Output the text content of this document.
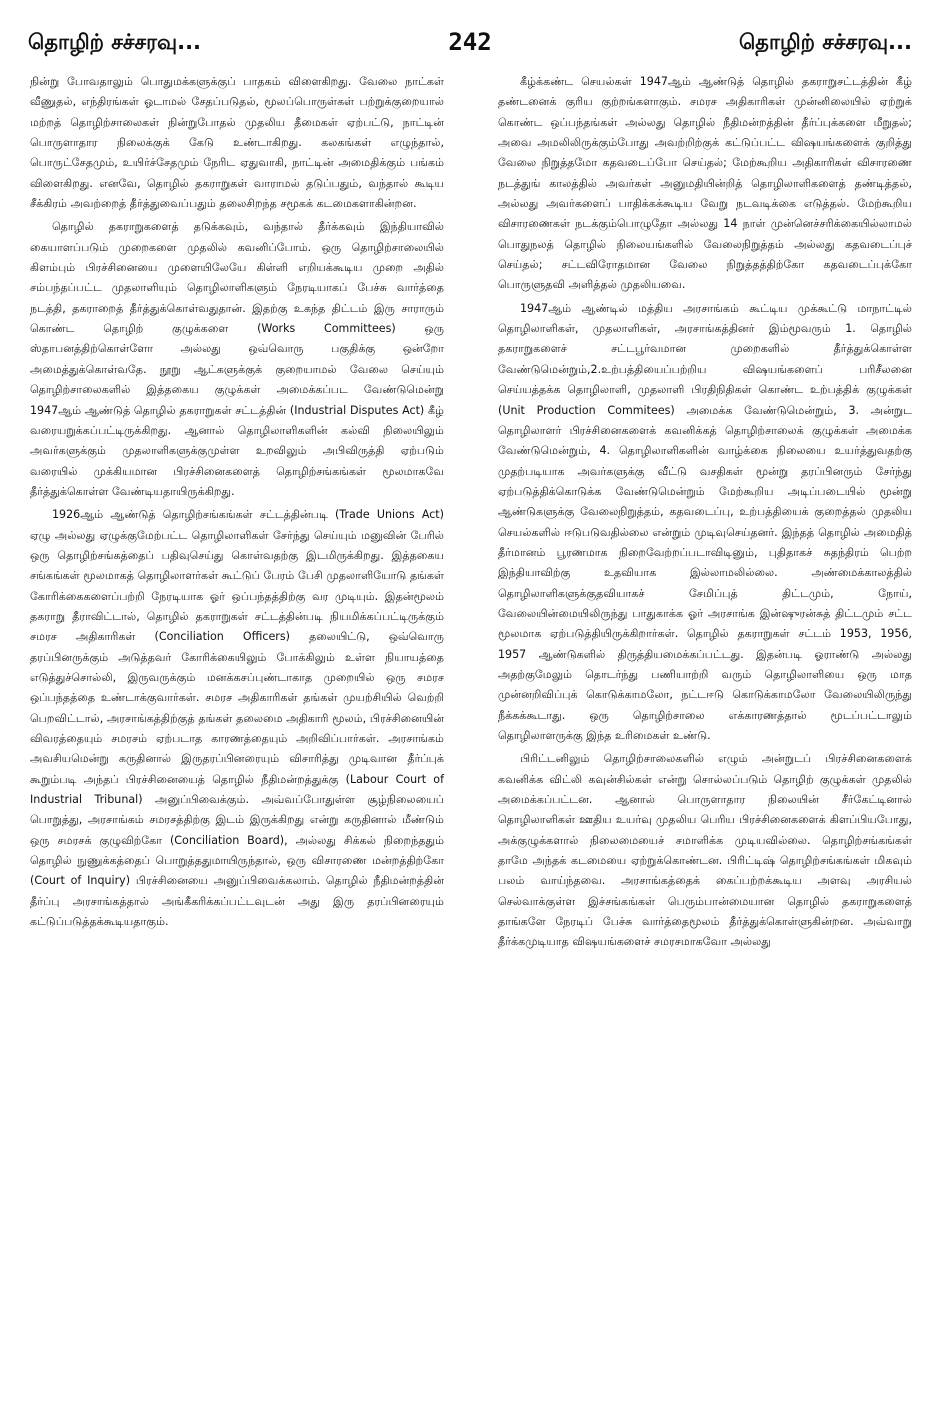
தொழிற் சச்சரவு...	242	தொழிற் சச்சரவு...

நின்று போவதாலும் பொதுமக்களுக்குப் பாதகம் விளைகிறது. வேலை நாட்கள் வீணுதல், எந்திரங்கள் ஓடாமல் சேதப்படுதல், மூலப்பொருள்கள் பற்றுக்குறையால் மற்றத் தொழிற்சாலைகள் நின்றுபோதல் முதலிய தீமைகள் ஏற்பட்டு, நாட்டின் பொருளாதார நிலைக்குக் கேடு உண்டாகிறது. கலகங்கள் எழுந்தால், பொருட்சேதமும், உயிர்ச்சேதமும் நேரிட ஏதுவாகி, நாட்டின் அமைதிக்கும் பங்கம் விளைகிறது. எனவே, தொழில் தகராறுகள் வாராமல் தடுப்பதும், வந்தால் கூடிய சீக்கிரம் அவற்றைத் தீர்த்துவைப்பதும் தலைசிறந்த சமூகக் கடமைகளாகின்றன.

தொழில் தகராறுகளைத் தடுக்கவும், வந்தால் தீர்க்கவும் இந்தியாவில் கையாளப்படும் முறைகளை முதலில் கவனிப்போம். ஒரு தொழிற்சாலையில் கிளம்பும் பிரச்சினையை முளையிலேயே கிள்ளி எறியக்கூடிய முறை அதில் சம்பந்தப்பட்ட முதலாளியும் தொழிலாளிகளும் நேரடியாகப் பேச்சு வார்த்தை நடத்தி, தகராறைத் தீர்த்துக்கொள்வதுதான். இதற்கு உகந்த திட்டம் இரு சாராரும் கொண்ட தொழிற் குழுக்களை (Works Committees) ஒரு ஸ்தாபனத்திற்கொள்ளோ அல்லது ஒவ்வொரு பகுதிக்கு ஒன்றோ அமைத்துக்கொள்வதே. நூறு ஆட்களுக்குக் குறையாமல் வேலை செய்யும் தொழிற்சாலைகளில் இத்தகைய குழுக்கள் அமைக்கப்பட வேண்டுமென்று 1947ஆம் ஆண்டுத் தொழில் தகராறுகள் சட்டத்தின் (Industrial Disputes Act) கீழ் வரையறுக்கப்பட்டிருக்கிறது. ஆனால் தொழிலாளிகளின் கல்வி நிலையிலும் அவர்களுக்கும் முதலாளிகளுக்குமுள்ள உறவிலும் அபிவிருத்தி ஏற்படும் வரையில் முக்கியமான பிரச்சினைகளைத் தொழிற்சங்கங்கள் மூலமாகவே தீர்த்துக்கொள்ள வேண்டியதாயிருக்கிறது.

1926ஆம் ஆண்டுத் தொழிற்சங்கங்கள் சட்டத்தின்படி (Trade Unions Act) ஏழு அல்லது ஏழுக்குமேற்பட்ட தொழிலாளிகள் சேர்ந்து செய்யும் மனுவின் பேரில் ஒரு தொழிற்சங்கத்தைப் பதிவுசெய்து கொள்வதற்கு இடமிருக்கிறது. இத்தகைய சங்கங்கள் மூலமாகத் தொழிலாளர்கள் கூட்டுப் பேரம் பேசி முதலாளியோடு தங்கள் கோரிக்கைகளைப்பற்றி நேரடியாக ஓர் ஒப்பந்தத்திற்கு வர முடியும். இதன்மூலம் தகராறு தீராவிட்டால், தொழில் தகராறுகள் சட்டத்தின்படி நியமிக்கப்பட்டிருக்கும் சமரச அதிகாரிகள் (Conciliation Officers) தலையிட்டு, ஒவ்வொரு தரப்பினருக்கும் அடுத்தவர் கோரிக்கையிலும் போக்கிலும் உள்ள நியாயத்தை எடுத்துச்சொல்லி, இருவருக்கும் மனக்கசப்புண்டாகாத முறையில் ஒரு சமரச ஒப்பந்தத்தை உண்டாக்குவார்கள். சமரச அதிகாரிகள் தங்கள் முயற்சியில் வெற்றி பெறவிட்டால், அரசாங்கத்திற்குத் தங்கள் தலைமை அதிகாரி மூலம், பிரச்சினையின் விவரத்தையும் சமரசம் ஏற்படாத காரணத்தையும் அறிவிப்பார்கள். அரசாங்கம் அவசியமென்று கருதினால் இருதரப்பினரையும் விசாரித்து முடிவான தீர்ப்புக் கூறும்படி அந்தப் பிரச்சினையைத் தொழில் நீதிமன்றத்துக்கு (Labour Court of Industrial Tribunal) அனுப்பிவைக்கும். அவ்வப்போதுள்ள சூழ்நிலையைப் பொறுத்து, அரசாங்கம் சமரசத்திற்கு இடம் இருக்கிறது என்று கருதினால் மீண்டும் ஒரு சமரசக் குழுவிற்கோ (Conciliation Board), அல்லது சிக்கல் நிறைந்ததும் தொழில் நுணுக்கத்தைப் பொறுத்ததுமாயிருந்தால், ஒரு விசாரணை மன்றத்திற்கோ (Court of Inquiry) பிரச்சினையை அனுப்பிவைக்கலாம். தொழில் நீதிமன்றத்தின் தீர்ப்பு அரசாங்கத்தால் அங்கீகரிக்கப்பட்டவுடன் அது இரு தரப்பினரையும் கட்டுப்படுத்தக்கூடியதாகும்.

கீழ்க்கண்ட செயல்கள் 1947ஆம் ஆண்டுத் தொழில் தகராறுசட்டத்தின் கீழ் தண்டனைக் குரிய குற்றங்களாகும். சமரச அதிகாரிகள் முன்னிலையில் ஏற்றுக் கொண்ட ஒப்பந்தங்கள் அல்லது தொழில் நீதிமன்றத்தின் தீர்ப்புக்களை மீறுதல்; அவை அமலிலிருக்கும்போது அவற்றிற்குக் கட்டுப்பட்ட விஷயங்களைக் குறித்து வேலை நிறுத்தமோ கதவடைப்போ செய்தல்; மேற்கூறிய அதிகாரிகள் விசாரணை நடத்துங் காலத்தில் அவர்கள் அனுமதியின்றித் தொழிலாளிகளைத் தண்டித்தல், அல்லது அவர்களைப் பாதிக்கக்கூடிய வேறு நடவடிக்கை எடுத்தல். மேற்கூறிய விசாரணைகள் நடக்கும்பொழுதோ அல்லது 14 நாள் முன்னெச்சரிக்கையில்லாமல் பொதுநலத் தொழில் நிலையங்களில் வேலைநிறுத்தம் அல்லது கதவடைப்புச் செய்தல்; சட்டவிரோதமான வேலை நிறுத்தத்திற்கோ கதவடைப்புக்கோ பொருளுதவி அளித்தல் முதலியவை.

1947ஆம் ஆண்டில் மத்திய அரசாங்கம் கூட்டிய முக்கூட்டு மாநாட்டில் தொழிலாளிகள், முதலாளிகள், அரசாங்கத்தினர் இம்மூவரும் 1. தொழில் தகராறுகளைச் சட்டபூர்வமான முறைகளில் தீர்த்துக்கொள்ள வேண்டுமென்றும்,2.உற்பத்தியைப்பற்றிய விஷயங்களைப் பரிசீலனை செய்யத்தக்க தொழிலாளி, முதலாளி பிரதிநிதிகள் கொண்ட உற்பத்திக் குழுக்கள் (Unit Production Commitees) அமைக்க வேண்டுமென்றும், 3. அன்றுட தொழிலாளர் பிரச்சினைகளைக் கவனிக்கத் தொழிற்சாலைக் குழுக்கள் அமைக்க வேண்டுமென்றும், 4. தொழிலாளிகளின் வாழ்க்கை நிலையை உயர்த்துவதற்கு முதற்படியாக அவர்களுக்கு வீட்டு வசதிகள் மூன்று தரப்பினரும் சேர்ந்து ஏற்படுத்திக்கொடுக்க வேண்டுமென்றும் மேற்கூறிய அடிப்படையில் மூன்று ஆண்டுகளுக்கு வேலைநிறுத்தம், கதவடைப்பு, உற்பத்தியைக் குறைத்தல் முதலிய செயல்களில் ஈடுபடுவதில்லை என்றும் முடிவுசெய்தனர். இந்தத் தொழில் அமைதித் தீர்மானம் பூரணமாக நிறைவேற்றப்படாவிடினும், புதிதாகச் சுதந்திரம் பெற்ற இந்தியாவிற்கு உதவியாக இல்லாமலில்லை. அண்மைக்காலத்தில் தொழிலாளிகளுக்குதவியாகச் சேமிப்புத் திட்டமும், நோய், வேலையின்மையிலிருந்து பாதுகாக்க ஓர் அரசாங்க இன்ஷுரன்சுத் திட்டமும் சட்ட மூலமாக ஏற்படுத்தியிருக்கிறார்கள். தொழில் தகராறுகள் சட்டம் 1953, 1956, 1957 ஆண்டுகளில் திருத்தியமைக்கப்பட்டது. இதன்படி ஓராண்டு அல்லது அதற்குமேலும் தொடர்ந்து பணியாற்றி வரும் தொழிலாளியை ஒரு மாத முன்னறிவிப்புக் கொடுக்காமலோ, நட்டஈடு கொடுக்காமலோ வேலையிலிருந்து நீக்கக்கூடாது. ஒரு தொழிற்சாலை எக்காரணத்தால் மூடப்பட்டாலும் தொழிலாளருக்கு இந்த உரிமைகள் உண்டு.

பிரிட்டனிலும் தொழிற்சாலைகளில் எழும் அன்றுடப் பிரச்சினைகளைக் கவனிக்க விட்லி கவுன்சில்கள் என்று சொல்லப்படும் தொழிற் குழுக்கள் முதலில் அமைக்கப்பட்டன. ஆனால் பொருளாதார நிலையின் சீர்கேட்டினால் தொழிலாளிகள் ஊதிய உயர்வு முதலிய பெரிய பிரச்சினைகளைக் கிளப்பியபோது, அக்குழுக்களால் நிலைமையைச் சமாளிக்க முடியவில்லை. தொழிற்சங்கங்கள் தாமே அந்தக் கடமையை ஏற்றுக்கொண்டன. பிரிட்டிஷ் தொழிற்சங்கங்கள் மிகவும் பலம் வாய்ந்தவை. அரசாங்கத்தைக் கைப்பற்றக்கூடிய அளவு அரசியல் செல்வாக்குள்ள இச்சங்கங்கள் பெரும்பான்மையான தொழில் தகராறுகளைத் தாங்களே நேரடிப் பேச்சு வார்த்தைமூலம் தீர்த்துக்கொள்ளுகின்றன. அவ்வாறு தீர்க்கமுடியாத விஷயங்களைச் சமரசமாகவோ அல்லது
